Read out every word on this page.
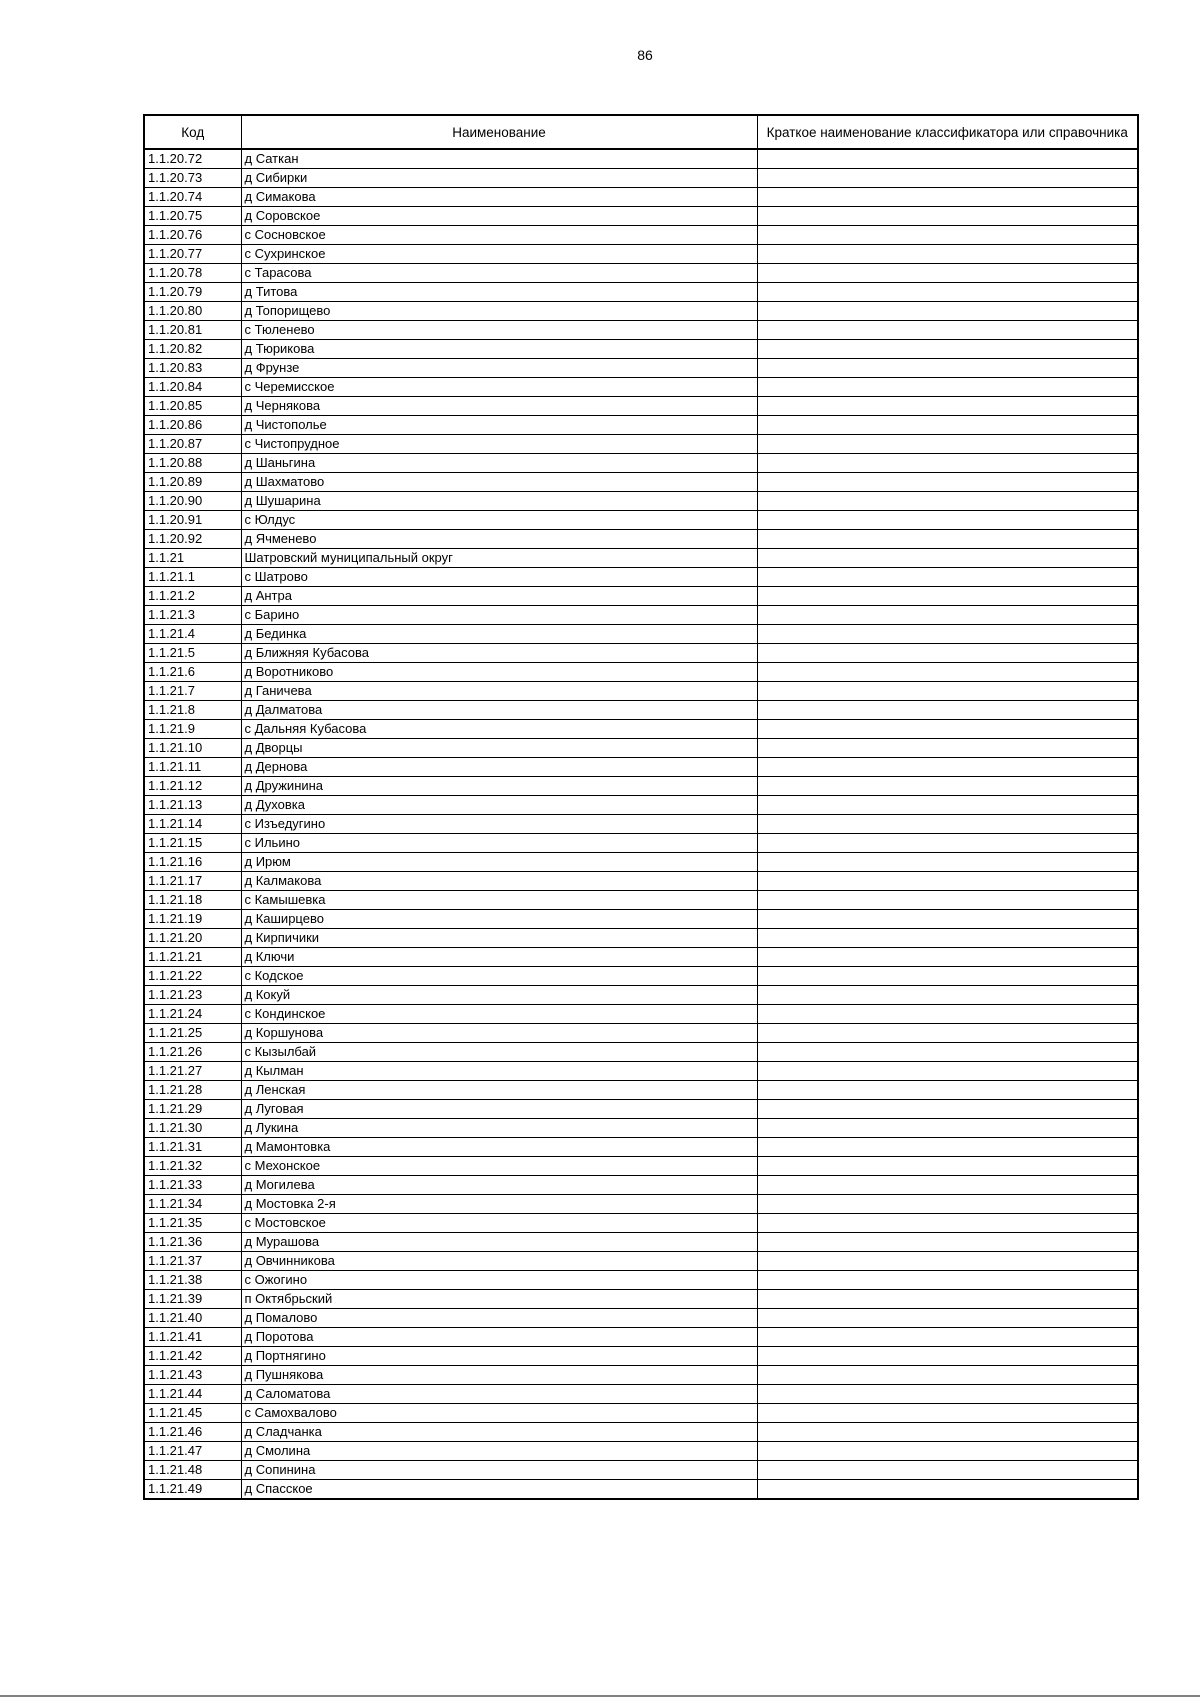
86
Код	Наименование	Краткое наименование классификатора или справочника
1.1.20.72	д Саткан	
1.1.20.73	д Сибирки	
1.1.20.74	д Симакова	
1.1.20.75	д Соровское	
1.1.20.76	с Сосновское	
1.1.20.77	с Сухринское	
1.1.20.78	с Тарасова	
1.1.20.79	д Титова	
1.1.20.80	д Топорищево	
1.1.20.81	с Тюленево	
1.1.20.82	д Тюрикова	
1.1.20.83	д Фрунзе	
1.1.20.84	с Черемисское	
1.1.20.85	д Чернякова	
1.1.20.86	д Чистополье	
1.1.20.87	с Чистопрудное	
1.1.20.88	д Шаньгина	
1.1.20.89	д Шахматово	
1.1.20.90	д Шушарина	
1.1.20.91	с Юлдус	
1.1.20.92	д Ячменево	
1.1.21	Шатровский муниципальный округ	
1.1.21.1	с Шатрово	
1.1.21.2	д Антра	
1.1.21.3	с Барино	
1.1.21.4	д Бединка	
1.1.21.5	д Ближняя Кубасова	
1.1.21.6	д Воротниково	
1.1.21.7	д Ганичева	
1.1.21.8	д Далматова	
1.1.21.9	с Дальняя Кубасова	
1.1.21.10	д Дворцы	
1.1.21.11	д Дернова	
1.1.21.12	д Дружинина	
1.1.21.13	д Духовка	
1.1.21.14	с Изъедугино	
1.1.21.15	с Ильино	
1.1.21.16	д Ирюм	
1.1.21.17	д Калмакова	
1.1.21.18	с Камышевка	
1.1.21.19	д Каширцево	
1.1.21.20	д Кирпичики	
1.1.21.21	д Ключи	
1.1.21.22	с Кодское	
1.1.21.23	д Кокуй	
1.1.21.24	с Кондинское	
1.1.21.25	д Коршунова	
1.1.21.26	с Кызылбай	
1.1.21.27	д Кылман	
1.1.21.28	д Ленская	
1.1.21.29	д Луговая	
1.1.21.30	д Лукина	
1.1.21.31	д Мамонтовка	
1.1.21.32	с Мехонское	
1.1.21.33	д Могилева	
1.1.21.34	д Мостовка 2-я	
1.1.21.35	с Мостовское	
1.1.21.36	д Мурашова	
1.1.21.37	д Овчинникова	
1.1.21.38	с Ожогино	
1.1.21.39	п Октябрьский	
1.1.21.40	д Помалово	
1.1.21.41	д Поротова	
1.1.21.42	д Портнягино	
1.1.21.43	д Пушнякова	
1.1.21.44	д Саломатова	
1.1.21.45	с Самохвалово	
1.1.21.46	д Сладчанка	
1.1.21.47	д Смолина	
1.1.21.48	д Сопинина	
1.1.21.49	д Спасское	
